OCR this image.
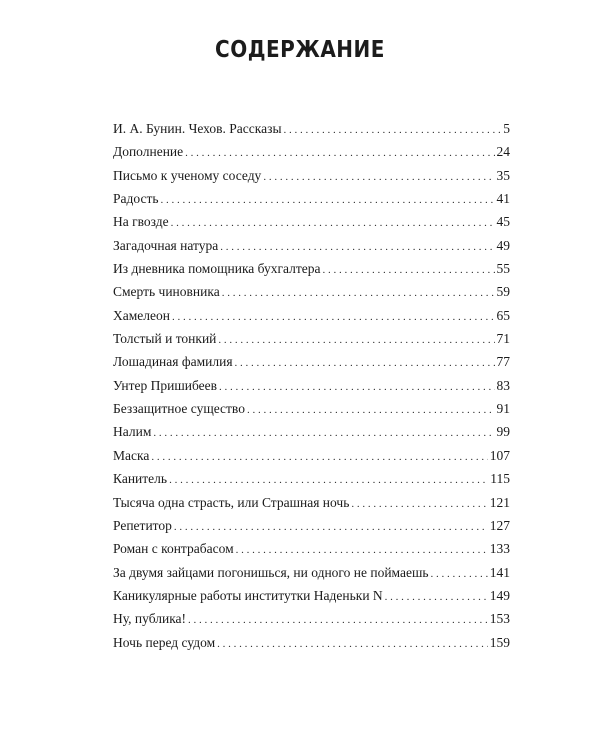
СОДЕРЖАНИЕ
И. А. Бунин. Чехов. Рассказы . . .	5
Дополнение . . .	24
Письмо к ученому соседу . . .	35
Радость . . .	41
На гвозде . . .	45
Загадочная натура . . .	49
Из дневника помощника бухгалтера . . .	55
Смерть чиновника . . .	59
Хамелеон . . .	65
Толстый и тонкий . . .	71
Лошадиная фамилия . . .	77
Унтер Пришибеев . . .	83
Беззащитное существо . . .	91
Налим . . .	99
Маска . . .	107
Канитель . . .	115
Тысяча одна страсть, или Страшная ночь . . .	121
Репетитор . . .	127
Роман с контрабасом . . .	133
За двумя зайцами погонишься, ни одного не поймаешь . . .	141
Каникулярные работы институтки Наденьки N . . .	149
Ну, публика! . . .	153
Ночь перед судом . . .	159
